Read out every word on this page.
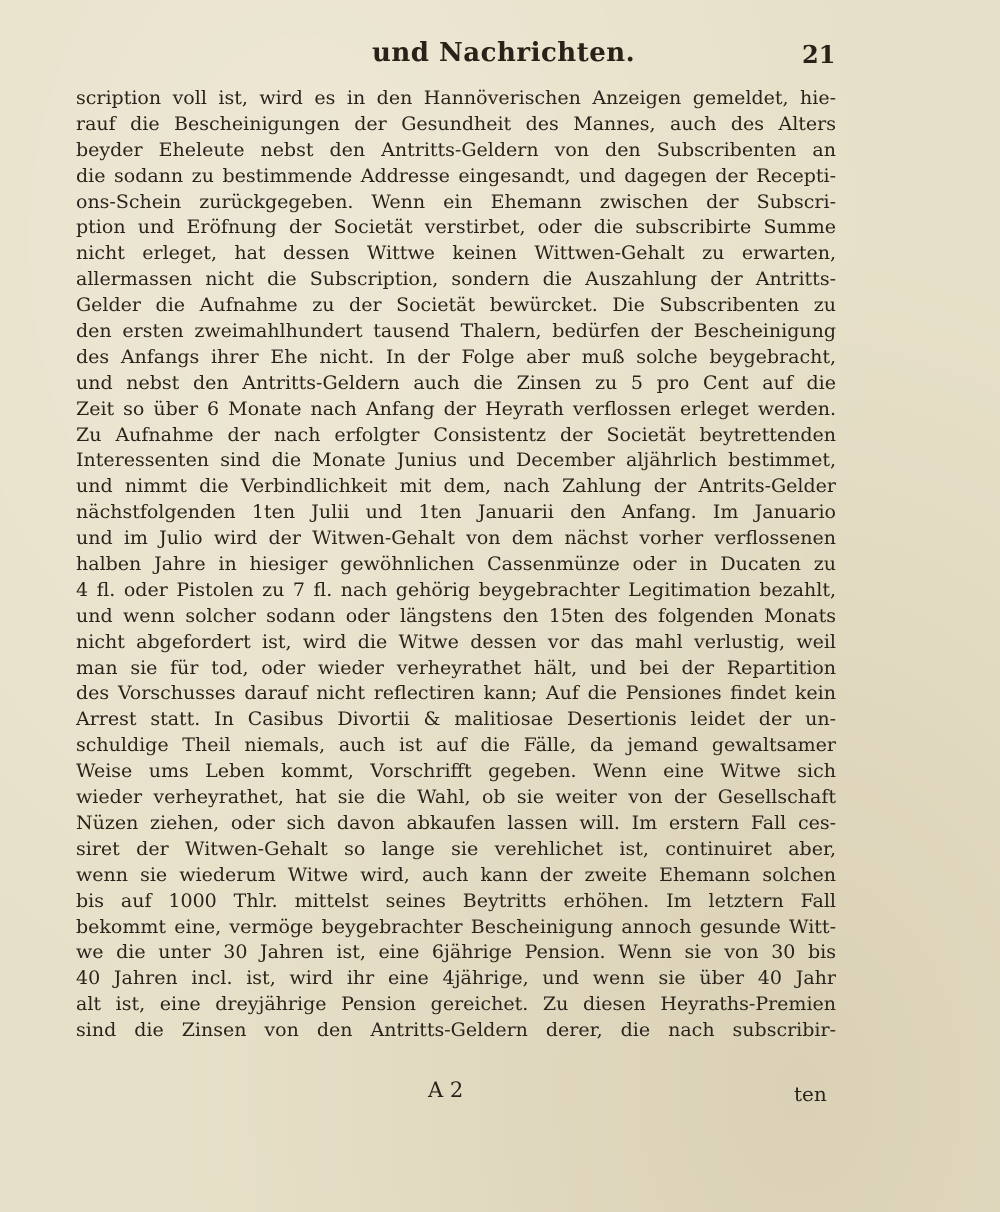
und Nachrichten.	21
scription voll ist, wird es in den Hannöverischen Anzeigen gemeldet, hie-
rauf die Bescheinigungen der Gesundheit des Mannes, auch des Alters
beyder Eheleute nebst den Antritts-Geldern von den Subscribenten an
die sodann zu bestimmende Addresse eingesandt, und dagegen der Recepti-
ons-Schein zurückgegeben. Wenn ein Ehemann zwischen der Subscri-
ption und Eröfnung der Societät verstirbet, oder die subscribirte Summe
nicht erleget, hat dessen Wittwe keinen Wittwen-Gehalt zu erwarten,
allermassen nicht die Subscription, sondern die Auszahlung der Antritts-
Gelder die Aufnahme zu der Societät bewürcket. Die Subscribenten zu
den ersten zweimahlhundert tausend Thalern, bedürfen der Bescheinigung
des Anfangs ihrer Ehe nicht. In der Folge aber muß solche beygebracht,
und nebst den Antritts-Geldern auch die Zinsen zu 5 pro Cent auf die
Zeit so über 6 Monate nach Anfang der Heyrath verflossen erleget werden.
Zu Aufnahme der nach erfolgter Consistentz der Societät beytrettenden
Interessenten sind die Monate Junius und December aljährlich bestimmet,
und nimmt die Verbindlichkeit mit dem, nach Zahlung der Antrits-Gelder
nächstfolgenden 1ten Julii und 1ten Januarii den Anfang. Im Januario
und im Julio wird der Witwen-Gehalt von dem nächst vorher verflossenen
halben Jahre in hiesiger gewöhnlichen Cassenmünze oder in Ducaten zu
4 fl. oder Pistolen zu 7 fl. nach gehörig beygebrachter Legitimation bezahlt,
und wenn solcher sodann oder längstens den 15ten des folgenden Monats
nicht abgefordert ist, wird die Witwe dessen vor das mahl verlustig, weil
man sie für tod, oder wieder verheyrathet hält, und bei der Repartition
des Vorschusses darauf nicht reflectiren kann; Auf die Pensiones findet kein
Arrest statt. In Casibus Divortii & malitiosae Desertionis leidet der un-
schuldige Theil niemals, auch ist auf die Fälle, da jemand gewaltsamer
Weise ums Leben kommt, Vorschrifft gegeben. Wenn eine Witwe sich
wieder verheyrathet, hat sie die Wahl, ob sie weiter von der Gesellschaft
Nüzen ziehen, oder sich davon abkaufen lassen will. Im erstern Fall ces-
siret der Witwen-Gehalt so lange sie verehlichet ist, continuiret aber,
wenn sie wiederum Witwe wird, auch kann der zweite Ehemann solchen
bis auf 1000 Thlr. mittelst seines Beytritts erhöhen. Im letztern Fall
bekommt eine, vermöge beygebrachter Bescheinigung annoch gesunde Witt-
we die unter 30 Jahren ist, eine 6jährige Pension. Wenn sie von 30 bis
40 Jahren incl. ist, wird ihr eine 4jährige, und wenn sie über 40 Jahr
alt ist, eine dreyjährige Pension gereichet. Zu diesen Heyraths-Premien
sind die Zinsen von den Antritts-Geldern derer, die nach subscribir-
A 2	ten
